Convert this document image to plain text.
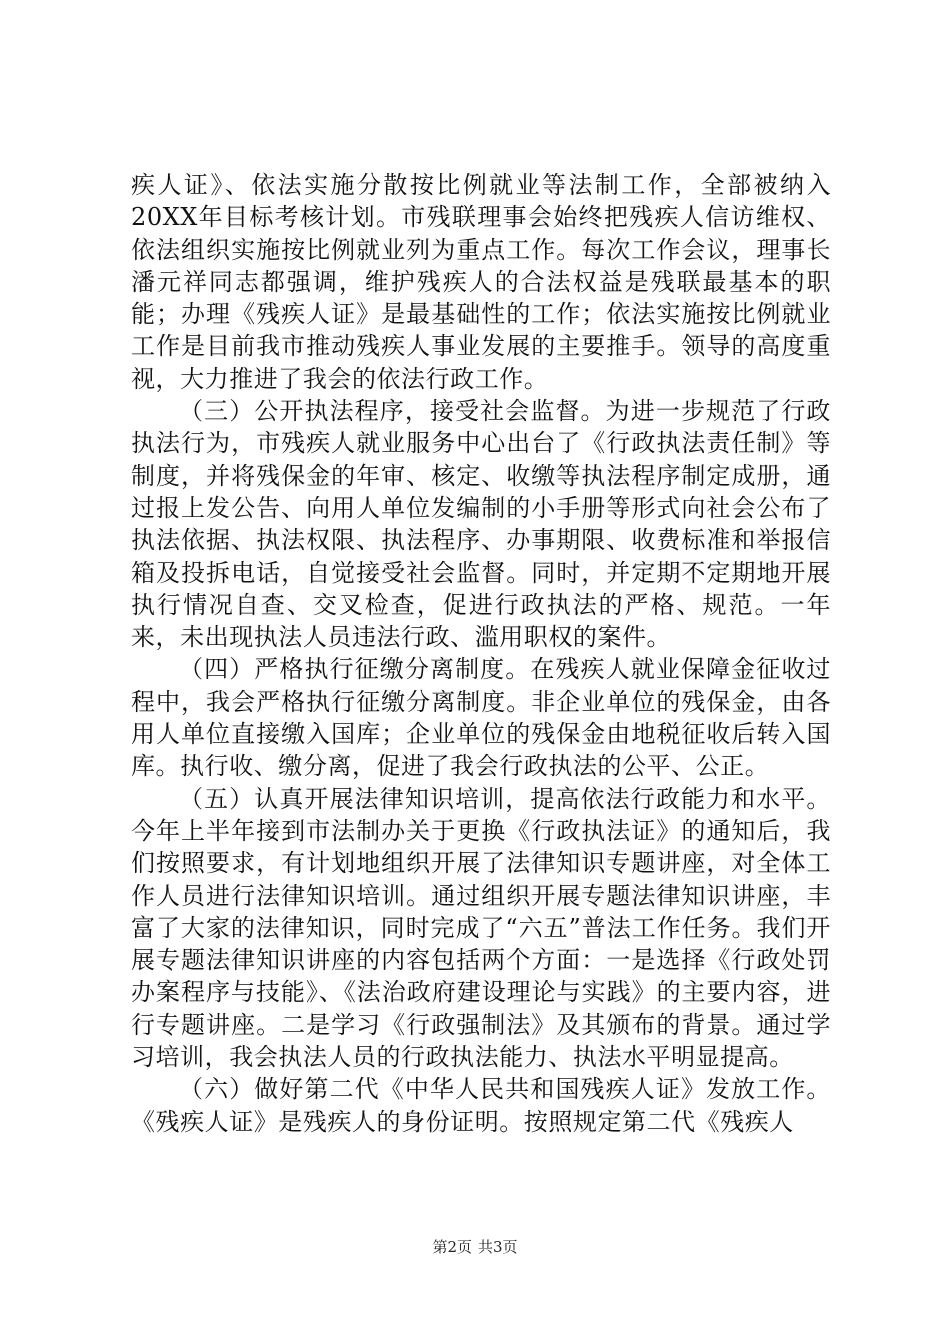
疾人证》、依法实施分散按比例就业等法制工作，全部被纳入20XX年目标考核计划。市残联理事会始终把残疾人信访维权、依法组织实施按比例就业列为重点工作。每次工作会议，理事长潘元祥同志都强调，维护残疾人的合法权益是残联最基本的职能；办理《残疾人证》是最基础性的工作；依法实施按比例就业工作是目前我市推动残疾人事业发展的主要推手。领导的高度重视，大力推进了我会的依法行政工作。

（三）公开执法程序，接受社会监督。为进一步规范了行政执法行为，市残疾人就业服务中心出台了《行政执法责任制》等制度，并将残保金的年审、核定、收缴等执法程序制定成册，通过报上发公告、向用人单位发编制的小手册等形式向社会公布了执法依据、执法权限、执法程序、办事期限、收费标准和举报信箱及投拆电话，自觉接受社会监督。同时，并定期不定期地开展执行情况自查、交叉检查，促进行政执法的严格、规范。一年来，未出现执法人员违法行政、滥用职权的案件。

（四）严格执行征缴分离制度。在残疾人就业保障金征收过程中，我会严格执行征缴分离制度。非企业单位的残保金，由各用人单位直接缴入国库；企业单位的残保金由地税征收后转入国库。执行收、缴分离，促进了我会行政执法的公平、公正。

（五）认真开展法律知识培训，提高依法行政能力和水平。今年上半年接到市法制办关于更换《行政执法证》的通知后，我们按照要求，有计划地组织开展了法律知识专题讲座，对全体工作人员进行法律知识培训。通过组织开展专题法律知识讲座，丰富了大家的法律知识，同时完成了“六五”普法工作任务。我们开展专题法律知识讲座的内容包括两个方面：一是选择《行政处罚办案程序与技能》、《法治政府建设理论与实践》的主要内容，进行专题讲座。二是学习《行政强制法》及其颁布的背景。通过学习培训，我会执法人员的行政执法能力、执法水平明显提高。

（六）做好第二代《中华人民共和国残疾人证》发放工作。《残疾人证》是残疾人的身份证明。按照规定第二代《残疾人

第2页 共3页
